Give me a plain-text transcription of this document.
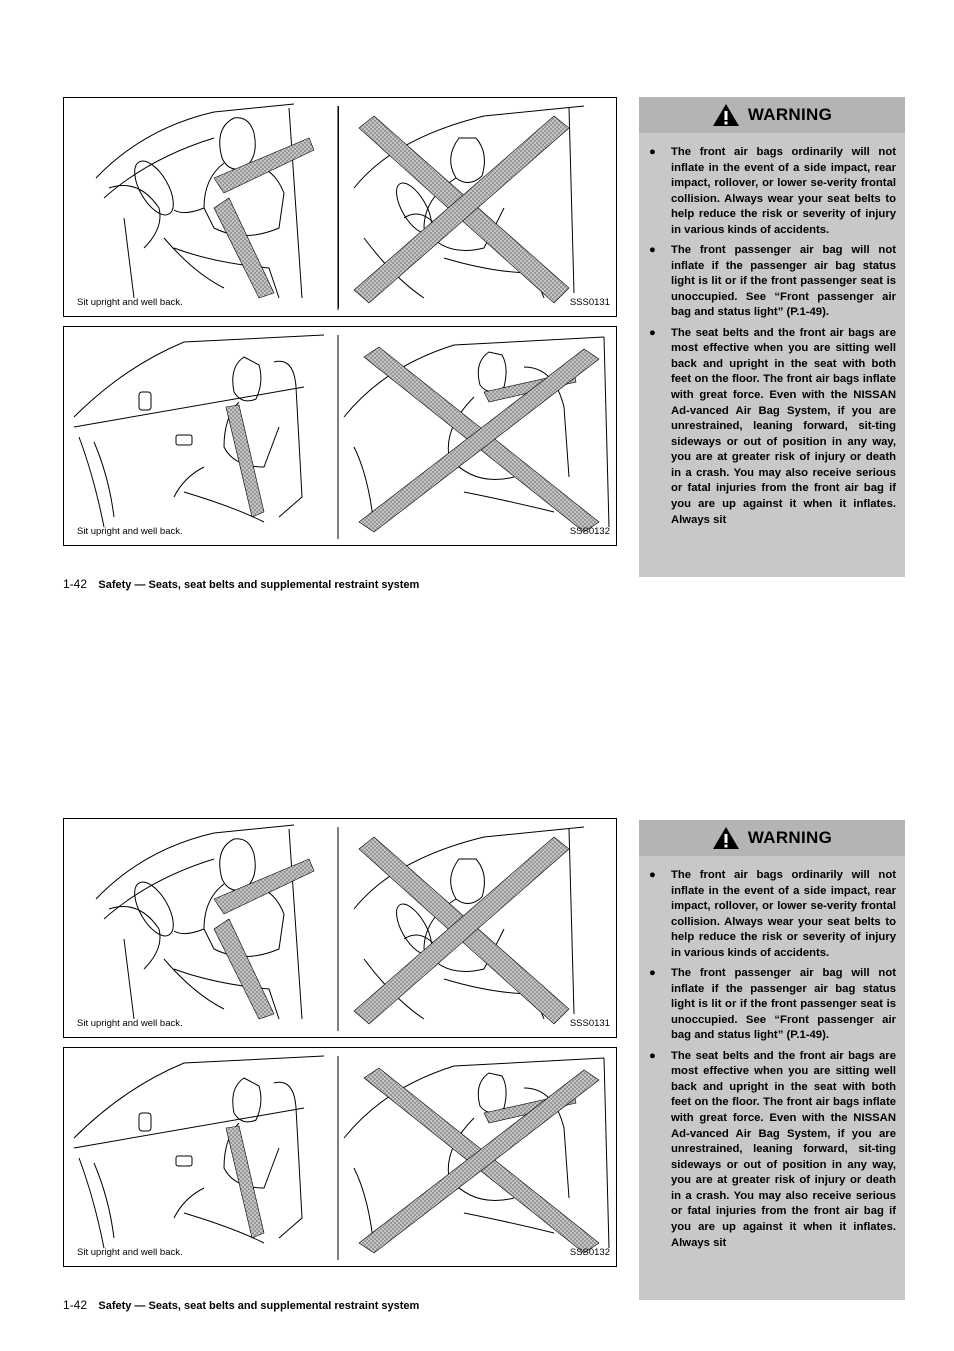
Sit upright and well back.	SSS0131
Sit upright and well back.	SSS0132
WARNING
● The front air bags ordinarily will not inflate in the event of a side impact, rear impact, rollover, or lower se-verity frontal collision. Always wear your seat belts to help reduce the risk or severity of injury in various kinds of accidents.
● The front passenger air bag will not inflate if the passenger air bag status light is lit or if the front passenger seat is unoccupied. See “Front passenger air bag and status light” (P.1-49).
● The seat belts and the front air bags are most effective when you are sitting well back and upright in the seat with both feet on the floor. The front air bags inflate with great force. Even with the NISSAN Ad-vanced Air Bag System, if you are unrestrained, leaning forward, sit-ting sideways or out of position in any way, you are at greater risk of injury or death in a crash. You may also receive serious or fatal injuries from the front air bag if you are up against it when it inflates. Always sit
1-42 Safety — Seats, seat belts and supplemental restraint system
Sit upright and well back.	SSS0131
Sit upright and well back.	SSS0132
WARNING
● The front air bags ordinarily will not inflate in the event of a side impact, rear impact, rollover, or lower se-verity frontal collision. Always wear your seat belts to help reduce the risk or severity of injury in various kinds of accidents.
● The front passenger air bag will not inflate if the passenger air bag status light is lit or if the front passenger seat is unoccupied. See “Front passenger air bag and status light” (P.1-49).
● The seat belts and the front air bags are most effective when you are sitting well back and upright in the seat with both feet on the floor. The front air bags inflate with great force. Even with the NISSAN Ad-vanced Air Bag System, if you are unrestrained, leaning forward, sit-ting sideways or out of position in any way, you are at greater risk of injury or death in a crash. You may also receive serious or fatal injuries from the front air bag if you are up against it when it inflates. Always sit
1-42 Safety — Seats, seat belts and supplemental restraint system
